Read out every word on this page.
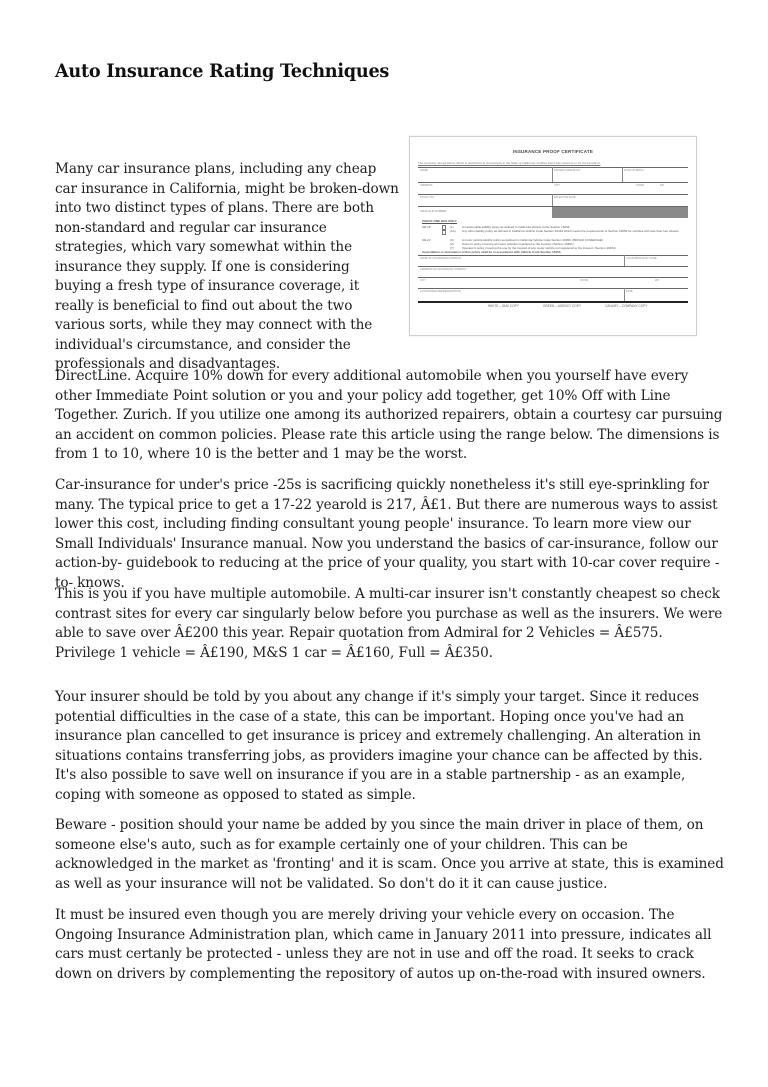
Auto Insurance Rating Techniques

Many car insurance plans, including any cheap car insurance in California, might be broken-down into two distinct types of plans. There are both non-standard and regular car insurance strategies, which vary somewhat within the insurance they supply. If one is considering buying a fresh type of insurance coverage, it really is beneficial to find out about the two various sorts, while they may connect with the individual's circumstance, and consider the professionals and disadvantages.

INSURANCE PROOF CERTIFICATE
The company named below, which is authorized to do business in the State of California, certifies that it has issued to or for the benefit of:
NAME	DRIVER LICENSE NO.	DATE OF BIRTH
ADDRESS	CITY	STATE	ZIP
POLICY NO.	EFFECTIVE DATE
VEHICLE ID NUMBER
CHECK ONE BOX ONLY:
SR-1P	(1)	An automobile liability policy as defined in California Vehicle Code Section 16054.
(1A) Any other liability policy as defined in California Vehicle Code Section 16434 which meets the requirements of Section 16056 for vehicles with less than four wheels.
SR-22	(3)	A motor vehicle liability policy as defined in California Vehicle Code Section 16450. (BROAD COVERAGE)
(2)	Owner's policy covering all motor vehicles registered to the insured. (Section 16451).
(7)	Operator's policy covering the use by the insured of any motor vehicle not registered to the insured. (Section 16452).
Cancellation or termination of this policy shall be in accordance with Vehicle Code Section 16453.
NAME OF INSURANCE COMPANY	CALIFORNIA NAIC CODE
ADDRESS OF INSURANCE COMPANY
CITY	STATE	ZIP
AUTHORIZED REPRESENTATIVE	DATE
WHITE – DMV COPY	GREEN – AGENCY COPY	CANARY – COMPANY COPY

DirectLine. Acquire 10% down for every additional automobile when you yourself have every other Immediate Point solution or you and your policy add together, get 10% Off with Line Together. Zurich. If you utilize one among its authorized repairers, obtain a courtesy car pursuing an accident on common policies. Please rate this article using the range below. The dimensions is from 1 to 10, where 10 is the better and 1 may be the worst.

Car-insurance for under's price -25s is sacrificing quickly nonetheless it's still eye-sprinkling for many. The typical price to get a 17-22 yearold is 217, Â£1. But there are numerous ways to assist lower this cost, including finding consultant young people' insurance. To learn more view our Small Individuals' Insurance manual. Now you understand the basics of car-insurance, follow our action-by- guidebook to reducing at the price of your quality, you start with 10-car cover require -to- knows.

This is you if you have multiple automobile. A multi-car insurer isn't constantly cheapest so check contrast sites for every car singularly below before you purchase as well as the insurers. We were able to save over Â£200 this year. Repair quotation from Admiral for 2 Vehicles = Â£575. Privilege 1 vehicle = Â£190, M&S 1 car = Â£160, Full = Â£350.

Your insurer should be told by you about any change if it's simply your target. Since it reduces potential difficulties in the case of a state, this can be important. Hoping once you've had an insurance plan cancelled to get insurance is pricey and extremely challenging. An alteration in situations contains transferring jobs, as providers imagine your chance can be affected by this. It's also possible to save well on insurance if you are in a stable partnership - as an example, coping with someone as opposed to stated as simple.

Beware - position should your name be added by you since the main driver in place of them, on someone else's auto, such as for example certainly one of your children. This can be acknowledged in the market as 'fronting' and it is scam. Once you arrive at state, this is examined as well as your insurance will not be validated. So don't do it it can cause justice.

It must be insured even though you are merely driving your vehicle every on occasion. The Ongoing Insurance Administration plan, which came in January 2011 into pressure, indicates all cars must certanly be protected - unless they are not in use and off the road. It seeks to crack down on drivers by complementing the repository of autos up on-the-road with insured owners.
